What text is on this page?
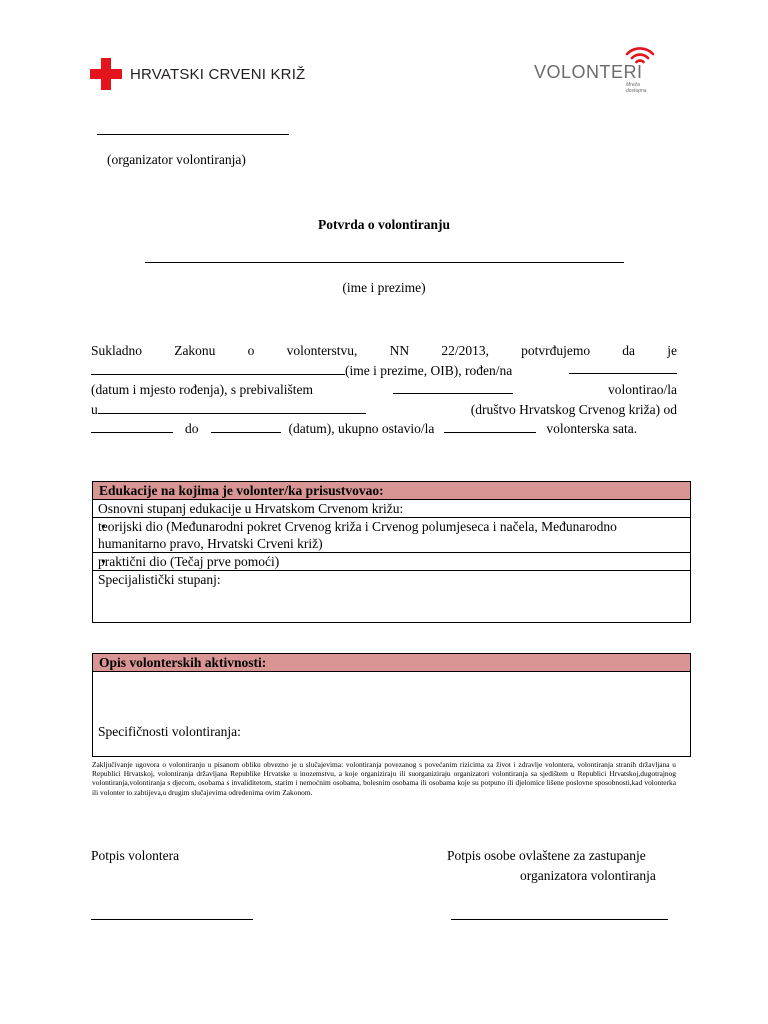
HRVATSKI CRVENI KRIŽ	VOLONTERI
Mreža dostupna
(organizator volontiranja)
Potvrda o volontiranju
(ime i prezime)
Sukladno Zakonu o volonterstvu, NN 22/2013, potvrđujemo da je
(ime i prezime, OIB), rođen/na
(datum i mjesto rođenja), s prebivalištem	volontirao/la
u	(društvo Hrvatskog Crvenog križa) od
do	(datum), ukupno ostavio/la	volonterska sata.
Edukacije na kojima je volonter/ka prisustvovao:
Osnovni stupanj edukacije u Hrvatskom Crvenom križu:
• teorijski dio (Međunarodni pokret Crvenog križa i Crvenog polumjeseca i načela, Međunarodno humanitarno pravo, Hrvatski Crveni križ)
• praktični dio (Tečaj prve pomoći)
Specijalistički stupanj:
Opis volonterskih aktivnosti:
Specifičnosti volontiranja:
Zaključivanje ugovora o volontiranju u pisanom obliku obvezno je u slučajevima: volontiranja povezanog s povećanim rizicima za život i zdravlje volontera, volontiranja stranih državljana u Republici Hrvatskoj, volontiranja državljana Republike Hrvatske u inozemstvu, a koje organiziraju ili suorganiziraju organizatori volontiranja sa sjedištem u Republici Hrvatskoj,dugotrajnog volontiranja,volontiranja s djecom, osobama s invaliditetom, starim i nemoćnim osobama, bolesnim osobama ili osobama koje su potpuno ili djelomice lišene poslovne sposobnosti,kad volonterka ili volonter to zahtijeva,u drugim slučajevima određenima ovim Zakonom.
Potpis volontera	Potpis osobe ovlaštene za zastupanje
organizatora volontiranja
